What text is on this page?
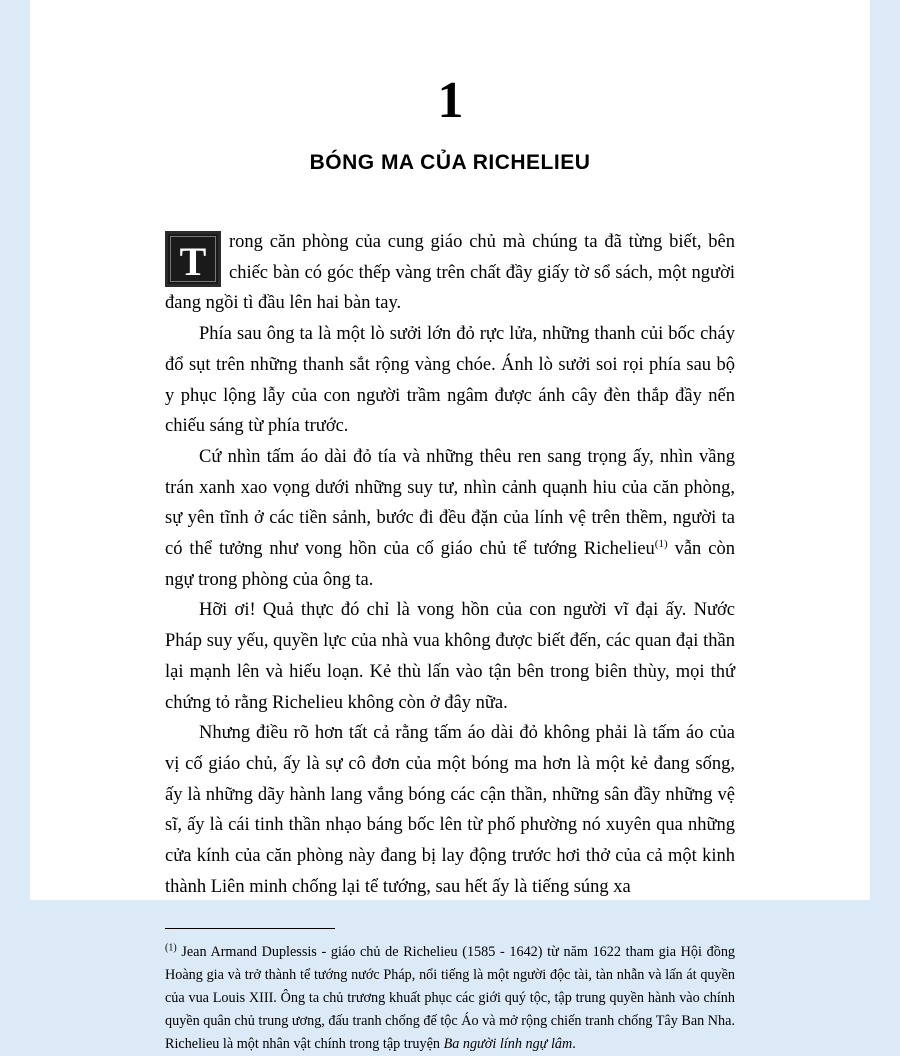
1
BÓNG MA CỦA RICHELIEU

T	rong căn phòng của cung giáo chủ mà chúng ta đã từng biết, bên chiếc bàn có góc thếp vàng trên chất đầy giấy tờ sổ sách, một người đang ngồi tì đầu lên hai bàn tay.

Phía sau ông ta là một lò sưởi lớn đỏ rực lửa, những thanh củi bốc cháy đổ sụt trên những thanh sắt rộng vàng chóe. Ánh lò sưởi soi rọi phía sau bộ y phục lộng lẫy của con người trầm ngâm được ánh cây đèn thắp đầy nến chiếu sáng từ phía trước.

Cứ nhìn tấm áo dài đỏ tía và những thêu ren sang trọng ấy, nhìn vầng trán xanh xao vọng dưới những suy tư, nhìn cảnh quạnh hiu của căn phòng, sự yên tĩnh ở các tiền sảnh, bước đi đều đặn của lính vệ trên thềm, người ta có thể tưởng như vong hồn của cố giáo chủ tể tướng Richelieu$^{(1)}$ vẫn còn ngự trong phòng của ông ta.

Hỡi ơi! Quả thực đó chỉ là vong hồn của con người vĩ đại ấy. Nước Pháp suy yếu, quyền lực của nhà vua không được biết đến, các quan đại thần lại mạnh lên và hiếu loạn. Kẻ thù lấn vào tận bên trong biên thùy, mọi thứ chứng tỏ rằng Richelieu không còn ở đây nữa.

Nhưng điều rõ hơn tất cả rằng tấm áo dài đỏ không phải là tấm áo của vị cố giáo chủ, ấy là sự cô đơn của một bóng ma hơn là một kẻ đang sống, ấy là những dãy hành lang vắng bóng các cận thần, những sân đầy những vệ sĩ, ấy là cái tinh thần nhạo báng bốc lên từ phố phường nó xuyên qua những cửa kính của căn phòng này đang bị lay động trước hơi thở của cả một kinh thành Liên minh chống lại tể tướng, sau hết ấy là tiếng súng xa

$^{(1)}$ Jean Armand Duplessis - giáo chủ de Richelieu (1585 - 1642) từ năm 1622 tham gia Hội đồng Hoàng gia và trở thành tể tướng nước Pháp, nổi tiếng là một người độc tài, tàn nhẫn và lấn át quyền của vua Louis XIII. Ông ta chủ trương khuất phục các giới quý tộc, tập trung quyền hành vào chính quyền quân chủ trung ương, đấu tranh chống đế tộc Áo và mở rộng chiến tranh chống Tây Ban Nha. Richelieu là một nhân vật chính trong tập truyện Ba người lính ngự lâm.
